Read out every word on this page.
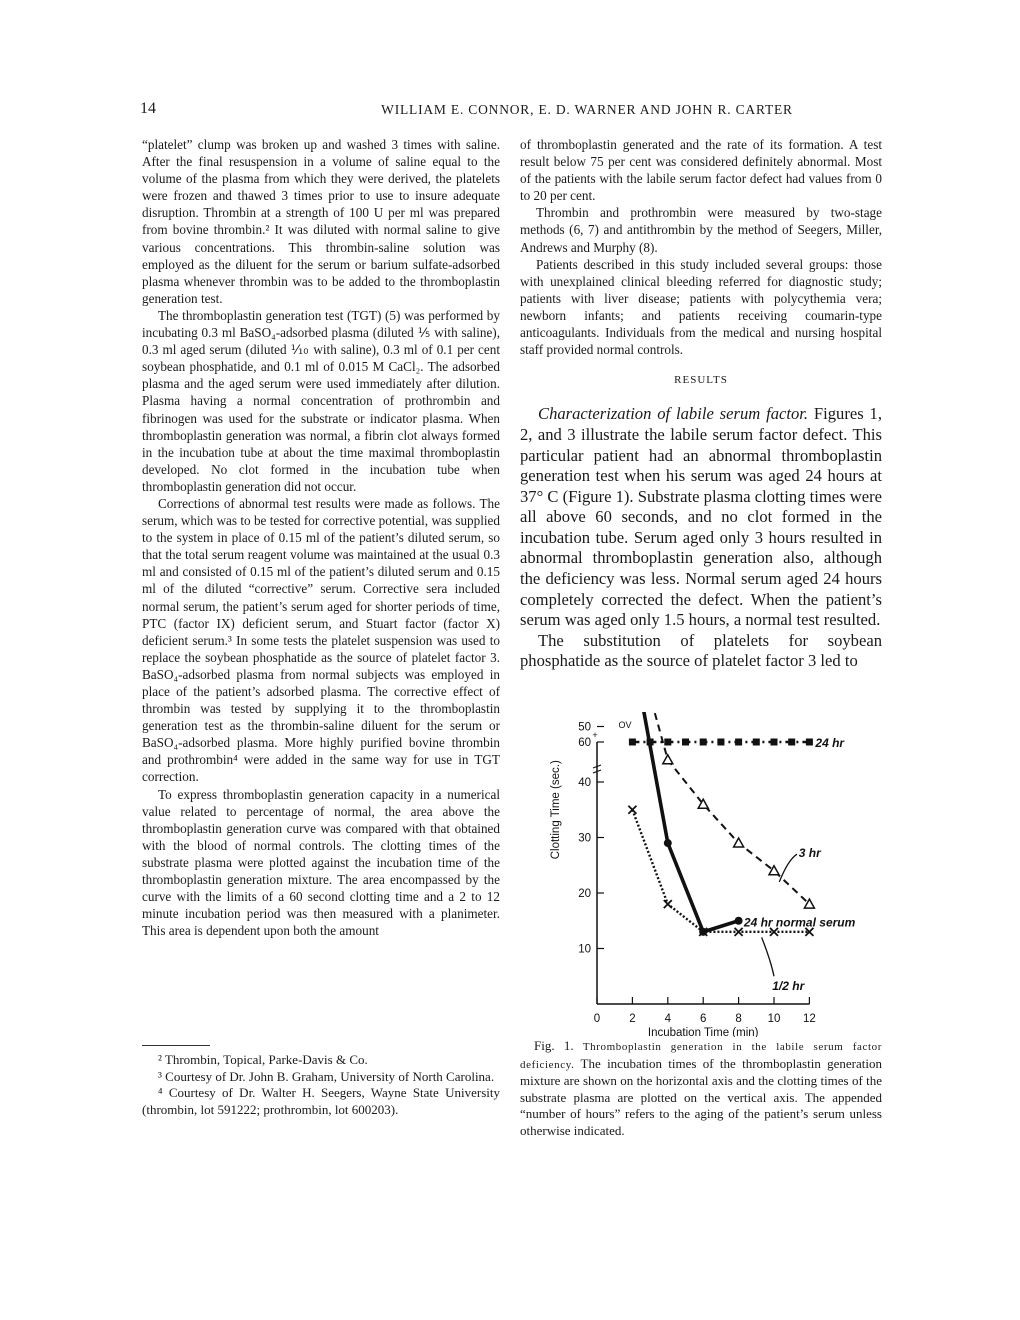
14	WILLIAM E. CONNOR, E. D. WARNER AND JOHN R. CARTER

“platelet” clump was broken up and washed 3 times with saline. After the final resuspension in a volume of saline equal to the volume of the plasma from which they were derived, the platelets were frozen and thawed 3 times prior to use to insure adequate disruption. Thrombin at a strength of 100 U per ml was prepared from bovine thrombin.² It was diluted with normal saline to give various concentrations. This thrombin-saline solution was employed as the diluent for the serum or barium sulfate-adsorbed plasma whenever thrombin was to be added to the thromboplastin generation test.

The thromboplastin generation test (TGT) (5) was performed by incubating 0.3 ml BaSO₄-adsorbed plasma (diluted ⅕ with saline), 0.3 ml aged serum (diluted ⅒ with saline), 0.3 ml of 0.1 per cent soybean phosphatide, and 0.1 ml of 0.015 M CaCl₂. The adsorbed plasma and the aged serum were used immediately after dilution. Plasma having a normal concentration of prothrombin and fibrinogen was used for the substrate or indicator plasma. When thromboplastin generation was normal, a fibrin clot always formed in the incubation tube at about the time maximal thromboplastin developed. No clot formed in the incubation tube when thromboplastin generation did not occur.

Corrections of abnormal test results were made as follows. The serum, which was to be tested for corrective potential, was supplied to the system in place of 0.15 ml of the patient’s diluted serum, so that the total serum reagent volume was maintained at the usual 0.3 ml and consisted of 0.15 ml of the patient’s diluted serum and 0.15 ml of the diluted “corrective” serum. Corrective sera included normal serum, the patient’s serum aged for shorter periods of time, PTC (factor IX) deficient serum, and Stuart factor (factor X) deficient serum.³ In some tests the platelet suspension was used to replace the soybean phosphatide as the source of platelet factor 3. BaSO₄-adsorbed plasma from normal subjects was employed in place of the patient’s adsorbed plasma. The corrective effect of thrombin was tested by supplying it to the thromboplastin generation test as the thrombin-saline diluent for the serum or BaSO₄-adsorbed plasma. More highly purified bovine thrombin and prothrombin⁴ were added in the same way for use in TGT correction.

To express thromboplastin generation capacity in a numerical value related to percentage of normal, the area above the thromboplastin generation curve was compared with that obtained with the blood of normal controls. The clotting times of the substrate plasma were plotted against the incubation time of the thromboplastin generation mixture. The area encompassed by the curve with the limits of a 60 second clotting time and a 2 to 12 minute incubation period was then measured with a planimeter. This area is dependent upon both the amount

² Thrombin, Topical, Parke-Davis & Co.

³ Courtesy of Dr. John B. Graham, University of North Carolina.

⁴ Courtesy of Dr. Walter H. Seegers, Wayne State University (thrombin, lot 591222; prothrombin, lot 600203).

of thromboplastin generated and the rate of its formation. A test result below 75 per cent was considered definitely abnormal. Most of the patients with the labile serum factor defect had values from 0 to 20 per cent.

Thrombin and prothrombin were measured by two-stage methods (6, 7) and antithrombin by the method of Seegers, Miller, Andrews and Murphy (8).

Patients described in this study included several groups: those with unexplained clinical bleeding referred for diagnostic study; patients with liver disease; patients with polycythemia vera; newborn infants; and patients receiving coumarin-type anticoagulants. Individuals from the medical and nursing hospital staff provided normal controls.

RESULTS

Characterization of labile serum factor. Figures 1, 2, and 3 illustrate the labile serum factor defect. This particular patient had an abnormal thromboplastin generation test when his serum was aged 24 hours at 37° C (Figure 1). Substrate plasma clotting times were all above 60 seconds, and no clot formed in the incubation tube. Serum aged only 3 hours resulted in abnormal thromboplastin generation also, although the deficiency was less. Normal serum aged 24 hours completely corrected the defect. When the patient’s serum was aged only 1.5 hours, a normal test resulted.

The substitution of platelets for soybean phosphatide as the source of platelet factor 3 led to

0	2	4	6	8 10 12
10
20
30
40
50
60
+
OV
Incubation Time (min)
Clotting Time (sec.)
24 hr
3 hr
24 hr normal serum
1/2 hr

Fig. 1. Thromboplastin generation in the labile serum factor deficiency. The incubation times of the thromboplastin generation mixture are shown on the horizontal axis and the clotting times of the substrate plasma are plotted on the vertical axis. The appended “number of hours” refers to the aging of the patient’s serum unless otherwise indicated.
